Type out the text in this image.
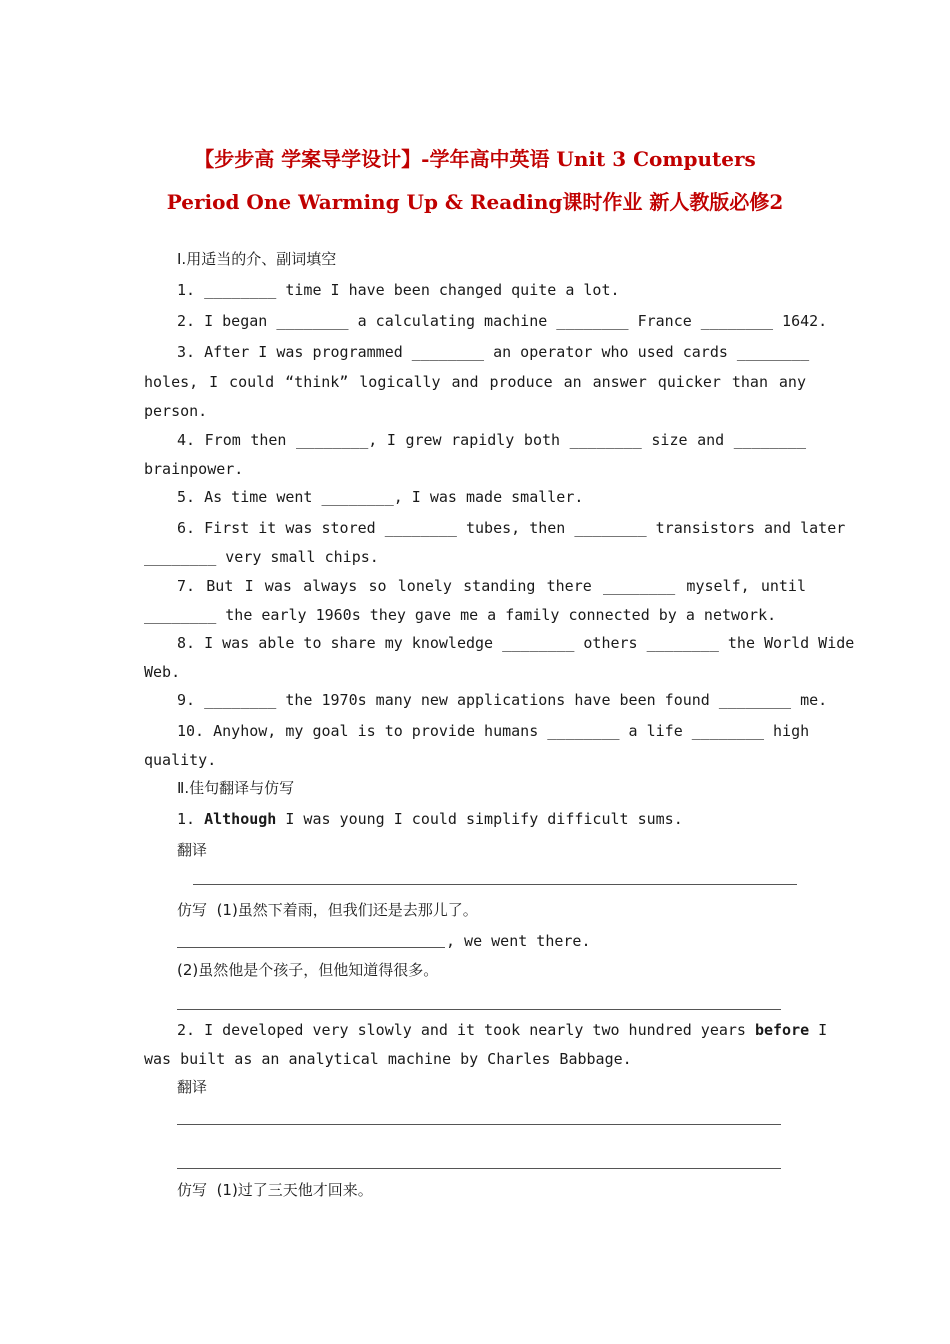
【步步高 学案导学设计】-学年高中英语 Unit 3 Computers
Period One Warming Up & Reading课时作业 新人教版必修2
Ⅰ.用适当的介、副词填空
1. ________ time I have been changed quite a lot.
2. I began ________ a calculating machine ________ France ________ 1642.
3. After I was programmed ________ an operator who used cards ________
holes, I could “think” logically and produce an answer quicker than any
person.
4. From then ________, I grew rapidly both ________ size and ________
brainpower.
5. As time went ________, I was made smaller.
6. First it was stored ________ tubes, then ________ transistors and later
________ very small chips.
7. But I was always so lonely standing there ________ myself, until
________ the early 1960s they gave me a family connected by a network.
8. I was able to share my knowledge ________ others ________ the World Wide
Web.
9. ________ the 1970s many new applications have been found ________ me.
10. Anyhow, my goal is to provide humans ________ a life ________ high
quality.
Ⅱ.佳句翻译与仿写
1. Although I was young I could simplify difficult sums.
翻译
仿写 (1)虽然下着雨，但我们还是去那儿了。
, we went there.
(2)虽然他是个孩子，但他知道得很多。
2. I developed very slowly and it took nearly two hundred years before I
was built as an analytical machine by Charles Babbage.
翻译
仿写 (1)过了三天他才回来。
